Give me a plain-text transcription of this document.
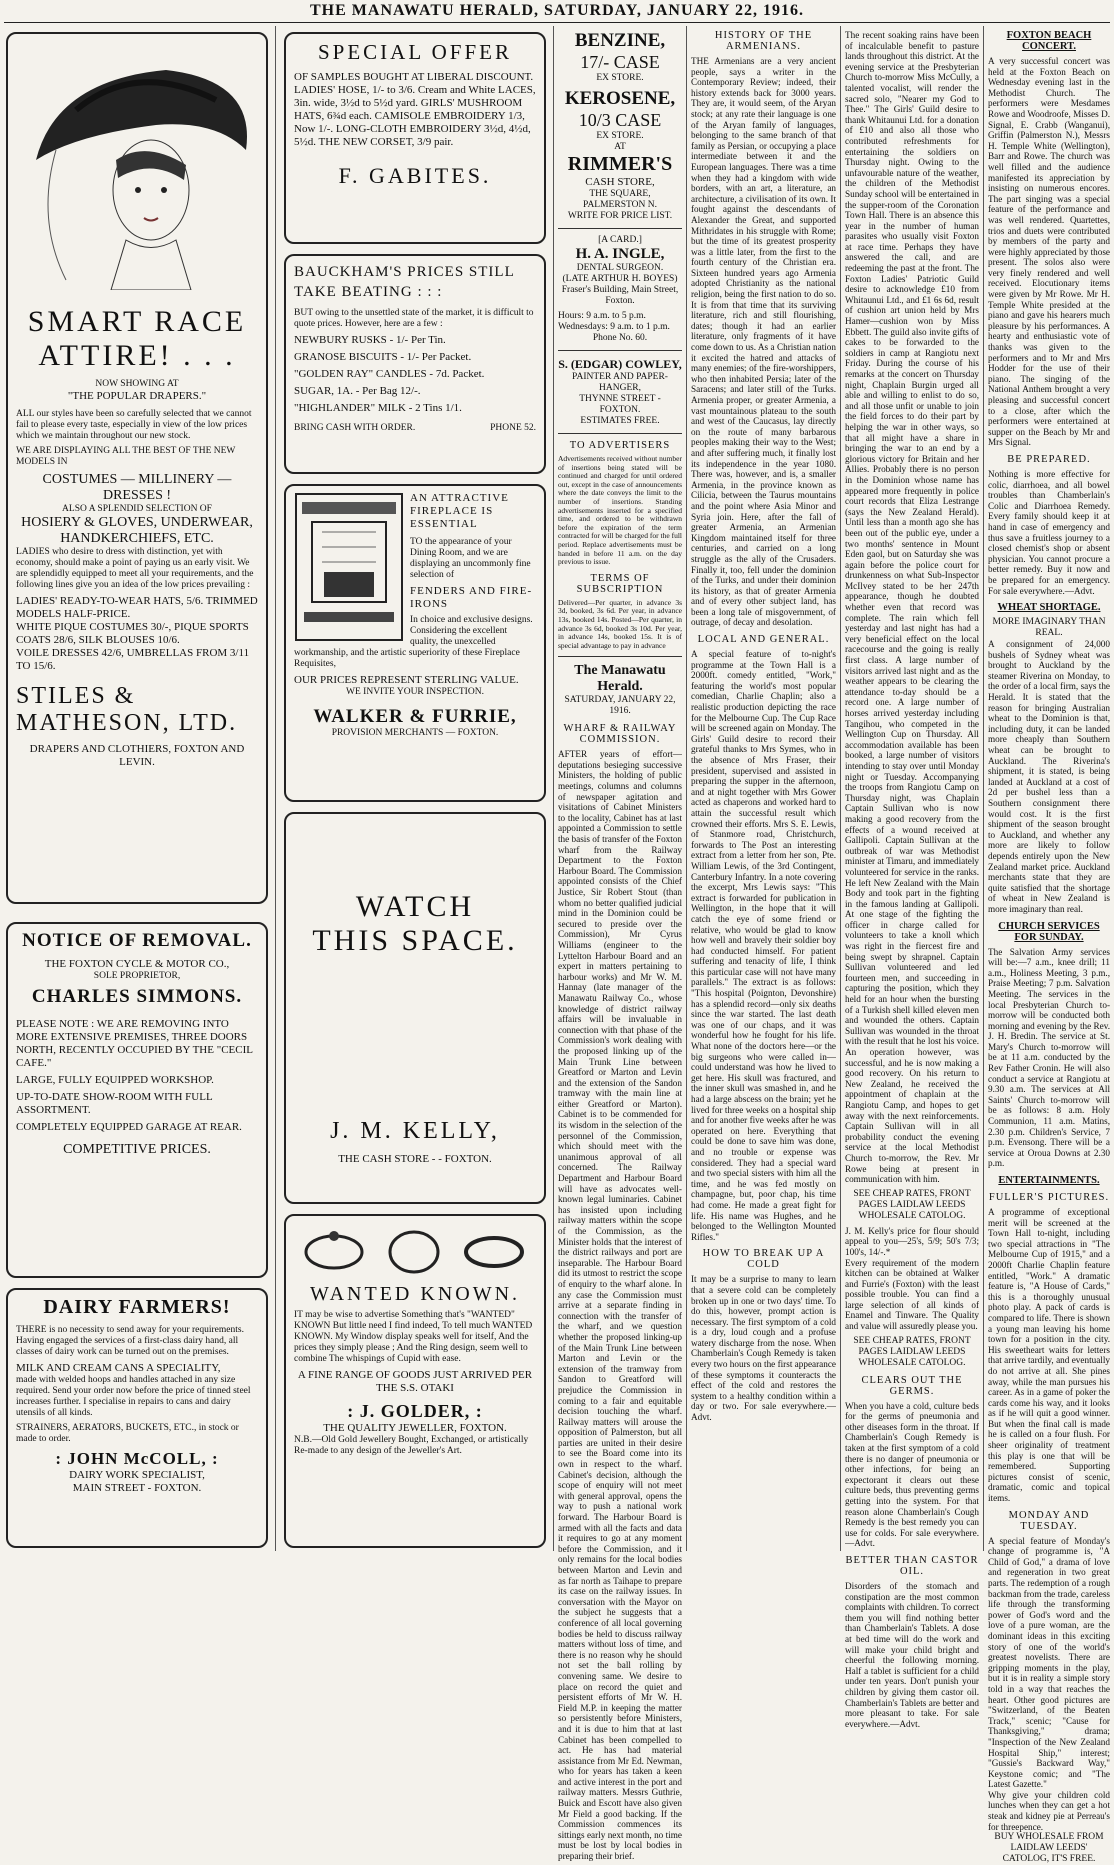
THE MANAWATU HERALD, SATURDAY, JANUARY 22, 1916.
SMART RACE
ATTIRE! . . .
NOW SHOWING AT
"THE POPULAR DRAPERS."

ALL our styles have been so carefully selected that we cannot fail to please every taste, especially in view of the low prices which we maintain throughout our new stock.

WE ARE DISPLAYING ALL THE BEST OF THE NEW MODELS IN

COSTUMES — MILLINERY — DRESSES !
ALSO A SPLENDID SELECTION OF
HOSIERY & GLOVES, UNDERWEAR, HANDKERCHIEFS, ETC.

LADIES who desire to dress with distinction, yet with economy, should make a point of paying us an early visit. We are splendidly equipped to meet all your requirements, and the following lines give you an idea of the low prices prevailing :

LADIES' READY-TO-WEAR HATS, 5/6. TRIMMED MODELS HALF-PRICE.
WHITE PIQUE COSTUMES 30/-, PIQUE SPORTS COATS 28/6, SILK BLOUSES 10/6.
VOILE DRESSES 42/6, UMBRELLAS FROM 3/11 TO 15/6.
STILES &
MATHESON, LTD.
DRAPERS AND CLOTHIERS, FOXTON AND LEVIN.
NOTICE OF REMOVAL.
THE FOXTON CYCLE & MOTOR CO.,
SOLE PROPRIETOR,
CHARLES SIMMONS.

PLEASE NOTE : WE ARE REMOVING INTO MORE EXTENSIVE PREMISES, THREE DOORS NORTH, RECENTLY OCCUPIED BY THE "CECIL CAFE."

LARGE, FULLY EQUIPPED WORKSHOP.

UP-TO-DATE SHOW-ROOM WITH FULL ASSORTMENT.

COMPLETELY EQUIPPED GARAGE AT REAR.

COMPETITIVE PRICES.
DAIRY FARMERS!

THERE is no necessity to send away for your requirements. Having engaged the services of a first-class dairy hand, all classes of dairy work can be turned out on the premises.

MILK AND CREAM CANS A SPECIALITY,

made with welded hoops and handles attached in any size required. Send your order now before the price of tinned steel increases further. I specialise in repairs to cans and dairy utensils of all kinds.

STRAINERS, AERATORS, BUCKETS, ETC., in stock or made to order.

: JOHN McCOLL, :
DAIRY WORK SPECIALIST,
MAIN STREET - FOXTON.
SPECIAL OFFER

OF SAMPLES BOUGHT AT LIBERAL DISCOUNT. LADIES' HOSE, 1/- to 3/6. Cream and White LACES, 3in. wide, 3½d to 5½d yard. GIRLS' MUSHROOM HATS, 6¾d each. CAMISOLE EMBROIDERY 1/3, Now 1/-. LONG-CLOTH EMBROIDERY 3½d, 4½d, 5½d. THE NEW CORSET, 3/9 pair.

F. GABITES.
BAUCKHAM'S PRICES STILL TAKE BEATING : : :

BUT owing to the unsettled state of the market, it is difficult to quote prices. However, here are a few :

NEWBURY RUSKS - 1/- Per Tin.
GRANOSE BISCUITS - 1/- Per Packet.
"GOLDEN RAY" CANDLES - 7d. Packet.
SUGAR, 1A. - Per Bag 12/-.
"HIGHLANDER" MILK - 2 Tins 1/1.
BRING CASH WITH ORDER.	PHONE 52.
AN ATTRACTIVE FIREPLACE IS ESSENTIAL

TO the appearance of your Dining Room, and we are displaying an uncommonly fine selection of

FENDERS AND FIRE-IRONS

In choice and exclusive designs. Considering the excellent quality, the unexcelled workmanship, and the artistic superiority of these Fireplace Requisites,

OUR PRICES REPRESENT STERLING VALUE.
WE INVITE YOUR INSPECTION.
WALKER & FURRIE,
PROVISION MERCHANTS — FOXTON.
WATCH
THIS SPACE.
J. M. KELLY,
THE CASH STORE - - FOXTON.
WANTED KNOWN.

IT may be wise to advertise Something that's "WANTED" KNOWN But little need I find indeed, To tell much WANTED KNOWN. My Window display speaks well for itself, And the prices they simply please ; And the Ring design, seem well to combine The whispings of Cupid with ease.

A FINE RANGE OF GOODS JUST ARRIVED PER THE S.S. OTAKI
: J. GOLDER, :
THE QUALITY JEWELLER, FOXTON.

N.B.—Old Gold Jewellery Bought, Exchanged, or artistically Re-made to any design of the Jeweller's Art.

BENZINE,
17/- CASE
EX STORE.
KEROSENE,
10/3 CASE
EX STORE.
AT
RIMMER'S
CASH STORE,
THE SQUARE,
PALMERSTON N.
WRITE FOR PRICE LIST.
[A CARD.]
H. A. INGLE,
DENTAL SURGEON.
(LATE ARTHUR H. BOYES)
Fraser's Building, Main Street, Foxton.
Hours: 9 a.m. to 5 p.m. Wednesdays: 9 a.m. to 1 p.m.
Phone No. 60.
S. (EDGAR) COWLEY,
PAINTER AND PAPER-HANGER,
THYNNE STREET - FOXTON.
ESTIMATES FREE.
TO ADVERTISERS
Advertisements received without number of insertions being stated will be continued and charged for until ordered out, except in the case of announcements where the date conveys the limit to the number of insertions. Standing advertisements inserted for a specified time, and ordered to be withdrawn before the expiration of the term contracted for will be charged for the full period. Replace advertisements must be handed in before 11 a.m. on the day previous to issue.
TERMS OF SUBSCRIPTION
Delivered—Per quarter, in advance 3s 3d, booked, 3s 6d. Per year, in advance 13s, booked 14s. Posted—Per quarter, in advance 3s 6d, booked 3s 10d. Per year, in advance 14s, booked 15s. It is of special advantage to pay in advance
The Manawatu Herald.
SATURDAY, JANUARY 22, 1916.
WHARF & RAILWAY COMMISSION.
AFTER years of effort—deputations besieging successive Ministers, the holding of public meetings, columns and columns of newspaper agitation and visitations of Cabinet Ministers to the locality, Cabinet has at last appointed a Commission to settle the basis of transfer of the Foxton wharf from the Railway Department to the Foxton Harbour Board. The Commission appointed consists of the Chief Justice, Sir Robert Stout (than whom no better qualified judicial mind in the Dominion could be secured to preside over the Commission), Mr Cyrus Williams (engineer to the Lyttelton Harbour Board and an expert in matters pertaining to harbour works) and Mr W. M. Hannay (late manager of the Manawatu Railway Co., whose knowledge of district railway affairs will be invaluable in connection with that phase of the Commission's work dealing with the proposed linking up of the Main Trunk Line between Greatford or Marton and Levin and the extension of the Sandon tramway with the main line at either Greatford or Marton). Cabinet is to be commended for its wisdom in the selection of the personnel of the Commission, which should meet with the unanimous approval of all concerned. The Railway Department and Harbour Board will have as advocates well-known legal luminaries. Cabinet has insisted upon including railway matters within the scope of the Commission, as the Minister holds that the interest of the district railways and port are inseparable. The Harbour Board did its utmost to restrict the scope of enquiry to the wharf alone. In any case the Commission must arrive at a separate finding in connection with the transfer of the wharf, and we question whether the proposed linking-up of the Main Trunk Line between Marton and Levin or the extension of the tramway from Sandon to Greatford will prejudice the Commission in coming to a fair and equitable decision touching the wharf. Railway matters will arouse the opposition of Palmerston, but all parties are united in their desire to see the Board come into its own in respect to the wharf. Cabinet's decision, although the scope of enquiry will not meet with general approval, opens the way to push a national work forward. The Harbour Board is armed with all the facts and data it requires to go at any moment before the Commission, and it only remains for the local bodies between Marton and Levin and as far north as Taihape to prepare its case on the railway issues. In conversation with the Mayor on the subject he suggests that a conference of all local governing bodies be held to discuss railway matters without loss of time, and there is no reason why he should not set the ball rolling by convening same. We desire to place on record the quiet and persistent efforts of Mr W. H. Field M.P. in keeping the matter so persistently before Ministers, and it is due to him that at last Cabinet has been compelled to act. He has had material assistance from Mr Ed. Newman, who for years has taken a keen and active interest in the port and railway matters. Messrs Guthrie, Buick and Escott have also given Mr Field a good backing. If the Commission commences its sittings early next month, no time must be lost by local bodies in preparing their brief.
HISTORY OF THE ARMENIANS.
THE Armenians are a very ancient people, says a writer in the Contemporary Review; indeed, their history extends back for 3000 years. They are, it would seem, of the Aryan stock; at any rate their language is one of the Aryan family of languages, belonging to the same branch of that family as Persian, or occupying a place intermediate between it and the European languages. There was a time when they had a kingdom with wide borders, with an art, a literature, an architecture, a civilisation of its own. It fought against the descendants of Alexander the Great, and supported Mithridates in his struggle with Rome; but the time of its greatest prosperity was a little later, from the first to the fourth century of the Christian era. Sixteen hundred years ago Armenia adopted Christianity as the national religion, being the first nation to do so. It is from that time that its surviving literature, rich and still flourishing, dates; though it had an earlier literature, only fragments of it have come down to us. As a Christian nation it excited the hatred and attacks of many enemies; of the fire-worshippers, who then inhabited Persia; later of the Saracens; and later still of the Turks. Armenia proper, or greater Armenia, a vast mountainous plateau to the south and west of the Caucasus, lay directly on the route of many barbarous peoples making their way to the West; and after suffering much, it finally lost its independence in the year 1080. There was, however, and is, a smaller Armenia, in the province known as Cilicia, between the Taurus mountains and the point where Asia Minor and Syria join. Here, after the fall of greater Armenia, an Armenian Kingdom maintained itself for three centuries, and carried on a long struggle as the ally of the Crusaders. Finally it, too, fell under the dominion of the Turks, and under their dominion its history, as that of greater Armenia and of every other subject land, has been a long tale of misgovernment, of outrage, of decay and desolation.
LOCAL AND GENERAL.
A special feature of to-night's programme at the Town Hall is a 2000ft. comedy entitled, "Work," featuring the world's most popular comedian, Charlie Chaplin; also a realistic production depicting the race for the Melbourne Cup. The Cup Race will be screened again on Monday. The Girls' Guild desire to record their grateful thanks to Mrs Symes, who in the absence of Mrs Fraser, their president, supervised and assisted in preparing the supper in the afternoon, and at night together with Mrs Gower acted as chaperons and worked hard to attain the successful result which crowned their efforts. Mrs S. E. Lewis, of Stanmore road, Christchurch, forwards to The Post an interesting extract from a letter from her son, Pte. William Lewis, of the 3rd Contingent, Canterbury Infantry. In a note covering the excerpt, Mrs Lewis says: "This extract is forwarded for publication in Wellington, in the hope that it will catch the eye of some friend or relative, who would be glad to know how well and bravely their soldier boy had conducted himself. For patient suffering and tenacity of life, I think this particular case will not have many parallels." The extract is as follows: "This hospital (Poignton, Devonshire) has a splendid record—only six deaths since the war started. The last death was one of our chaps, and it was wonderful how he fought for his life. What none of the doctors here—or the big surgeons who were called in—could understand was how he lived to get here. His skull was fractured, and the inner skull was smashed in, and he had a large abscess on the brain; yet he lived for three weeks on a hospital ship and for another five weeks after he was operated on here. Everything that could be done to save him was done, and no trouble or expense was considered. They had a special ward and two special sisters with him all the time, and he was fed mostly on champagne, but, poor chap, his time had come. He made a great fight for life. His name was Hughes, and he belonged to the Wellington Mounted Rifles."
HOW TO BREAK UP A COLD
It may be a surprise to many to learn that a severe cold can be completely broken up in one or two days' time. To do this, however, prompt action is necessary. The first symptom of a cold is a dry, loud cough and a profuse watery discharge from the nose. When Chamberlain's Cough Remedy is taken every two hours on the first appearance of these symptoms it counteracts the effect of the cold and restores the system to a healthy condition within a day or two. For sale everywhere.—Advt.
The recent soaking rains have been of incalculable benefit to pasture lands throughout this district. At the evening service at the Presbyterian Church to-morrow Miss McCully, a talented vocalist, will render the sacred solo, "Nearer my God to Thee." The Girls' Guild desire to thank Whitaunui Ltd. for a donation of £10 and also all those who contributed refreshments for entertaining the soldiers on Thursday night. Owing to the unfavourable nature of the weather, the children of the Methodist Sunday school will be entertained in the supper-room of the Coronation Town Hall. There is an absence this year in the number of human parasites who usually visit Foxton at race time. Perhaps they have answered the call, and are redeeming the past at the front. The Foxton Ladies' Patriotic Guild desire to acknowledge £10 from Whitaunui Ltd., and £1 6s 6d, result of cushion art union held by Mrs Hamer—cushion won by Miss Ebbett. The guild also invite gifts of cakes to be forwarded to the soldiers in camp at Rangiotu next Friday. During the course of his remarks at the concert on Thursday night, Chaplain Burgin urged all able and willing to enlist to do so, and all those unfit or unable to join the field forces to do their part by helping the war in other ways, so that all might have a share in bringing the war to an end by a glorious victory for Britain and her Allies. Probably there is no person in the Dominion whose name has appeared more frequently in police court records that Eliza Lestrange (says the New Zealand Herald). Until less than a month ago she has been out of the public eye, under a two months' sentence in Mount Eden gaol, but on Saturday she was again before the police court for drunkenness on what Sub-Inspector McIlvey stated to be her 247th appearance, though he doubted whether even that record was complete. The rain which fell yesterday and last night has had a very beneficial effect on the local racecourse and the going is really first class. A large number of visitors arrived last night and as the weather appears to be clearing the attendance to-day should be a record one. A large number of horses arrived yesterday including Tangihou, who competed in the Wellington Cup on Thursday. All accommodation available has been booked, a large number of visitors intending to stay over until Monday night or Tuesday. Accompanying the troops from Rangiotu Camp on Thursday night, was Chaplain Captain Sullivan who is now making a good recovery from the effects of a wound received at Gallipoli. Captain Sullivan at the outbreak of war was Methodist minister at Timaru, and immediately volunteered for service in the ranks. He left New Zealand with the Main Body and took part in the fighting in the famous landing at Gallipoli. At one stage of the fighting the officer in charge called for volunteers to take a knoll which was right in the fiercest fire and being swept by shrapnel. Captain Sullivan volunteered and led fourteen men, and succeeding in capturing the position, which they held for an hour when the bursting of a Turkish shell killed eleven men and wounded the others. Captain Sullivan was wounded in the throat with the result that he lost his voice. An operation however, was successful, and he is now making a good recovery. On his return to New Zealand, he received the appointment of chaplain at the Rangiotu Camp, and hopes to get away with the next reinforcements. Captain Sullivan will in all probability conduct the evening service at the local Methodist Church to-morrow, the Rev. Mr Rowe being at present in communication with him.
SEE CHEAP RATES, FRONT PAGES LAIDLAW LEEDS WHOLESALE CATOLOG.
J. M. Kelly's price for flour should appeal to you—25's, 5/9; 50's 7/3; 100's, 14/-.*
Every requirement of the modern kitchen can be obtained at Walker and Furrie's (Foxton) with the least possible trouble. You can find a large selection of all kinds of Enamel and Tinware. The Quality and value will assuredly please you.
SEE CHEAP RATES, FRONT PAGES LAIDLAW LEEDS WHOLESALE CATOLOG.
CLEARS OUT THE GERMS.
When you have a cold, culture beds for the germs of pneumonia and other diseases form in the throat. If Chamberlain's Cough Remedy is taken at the first symptom of a cold there is no danger of pneumonia or other infections, for being an expectorant it clears out these culture beds, thus preventing germs getting into the system. For that reason alone Chamberlain's Cough Remedy is the best remedy you can use for colds. For sale everywhere.—Advt.
BETTER THAN CASTOR OIL.
Disorders of the stomach and constipation are the most common complaints with children. To correct them you will find nothing better than Chamberlain's Tablets. A dose at bed time will do the work and will make your child bright and cheerful the following morning. Half a tablet is sufficient for a child under ten years. Don't punish your children by giving them castor oil. Chamberlain's Tablets are better and more pleasant to take. For sale everywhere.—Advt.
FOXTON BEACH CONCERT.
A very successful concert was held at the Foxton Beach on Wednesday evening last in the Methodist Church. The performers were Mesdames Rowe and Woodroofe, Misses D. Signal, E. Crabb (Wanganui), Griffin (Palmerston N.), Messrs H. Temple White (Wellington), Barr and Rowe. The church was well filled and the audience manifested its appreciation by insisting on numerous encores. The part singing was a special feature of the performance and was well rendered. Quartettes, trios and duets were contributed by members of the party and were highly appreciated by those present. The solos also were very finely rendered and well received. Elocutionary items were given by Mr Rowe. Mr H. Temple White presided at the piano and gave his hearers much pleasure by his performances. A hearty and enthusiastic vote of thanks was given to the performers and to Mr and Mrs Hodder for the use of their piano. The singing of the National Anthem brought a very pleasing and successful concert to a close, after which the performers were entertained at supper on the Beach by Mr and Mrs Signal.
BE PREPARED.
Nothing is more effective for colic, diarrhoea, and all bowel troubles than Chamberlain's Colic and Diarrhoea Remedy. Every family should keep it at hand in case of emergency and thus save a fruitless journey to a closed chemist's shop or absent physician. You cannot procure a better remedy. Buy it now and be prepared for an emergency. For sale everywhere.—Advt.
WHEAT SHORTAGE.
MORE IMAGINARY THAN REAL.
A consignment of 24,000 bushels of Sydney wheat was brought to Auckland by the steamer Riverina on Monday, to the order of a local firm, says the Herald. It is stated that the reason for bringing Australian wheat to the Dominion is that, including duty, it can be landed more cheaply than Southern wheat can be brought to Auckland. The Riverina's shipment, it is stated, is being landed at Auckland at a cost of 2d per bushel less than a Southern consignment there would cost. It is the first shipment of the season brought to Auckland, and whether any more are likely to follow depends entirely upon the New Zealand market price. Auckland merchants state that they are quite satisfied that the shortage of wheat in New Zealand is more imaginary than real.
CHURCH SERVICES FOR SUNDAY.
The Salvation Army services will be:—7 a.m., knee drill; 11 a.m., Holiness Meeting, 3 p.m., Praise Meeting; 7 p.m. Salvation Meeting. The services in the local Presbyterian Church to-morrow will be conducted both morning and evening by the Rev. J. H. Bredin. The service at St. Mary's Church to-morrow will be at 11 a.m. conducted by the Rev Father Cronin. He will also conduct a service at Rangiotu at 9.30 a.m. The services at All Saints' Church to-morrow will be as follows: 8 a.m. Holy Communion, 11 a.m. Matins, 2.30 p.m. Children's Service, 7 p.m. Evensong. There will be a service at Oroua Downs at 2.30 p.m.
ENTERTAINMENTS.
FULLER'S PICTURES.
A programme of exceptional merit will be screened at the Town Hall to-night, including two special attractions in "The Melbourne Cup of 1915," and a 2000ft Charlie Chaplin feature entitled, "Work." A dramatic feature is, "A House of Cards," this is a thoroughly unusual photo play. A pack of cards is compared to life. There is shown a young man leaving his home town for a position in the city. His sweetheart waits for letters that arrive tardily, and eventually do not arrive at all. She pines away, while the man pursues his career. As in a game of poker the cards come his way, and it looks as if he will quit a good winner. But when the final call is made he is called on a four flush. For sheer originality of treatment this play is one that will be remembered. Supporting pictures consist of scenic, dramatic, comic and topical items.
MONDAY AND TUESDAY.
A special feature of Monday's change of programme is, "A Child of God," a drama of love and regeneration in two great parts. The redemption of a rough backman from the trade, careless life through the transforming power of God's word and the love of a pure woman, are the dominant ideas in this exciting story of one of the world's greatest novelists. There are gripping moments in the play, but it is in reality a simple story told in a way that reaches the heart. Other good pictures are "Switzerland, of the Beaten Track," scenic; "Cause for Thanksgiving," drama; "Inspection of the New Zealand Hospital Ship," interest; "Gussie's Backward Way," Keystone comic; and "The Latest Gazette."
Why give your children cold lunches when they can get a hot steak and kidney pie at Perreau's for threepence.
BUY WHOLESALE FROM LAIDLAW LEEDS' CATOLOG, IT'S FREE.
